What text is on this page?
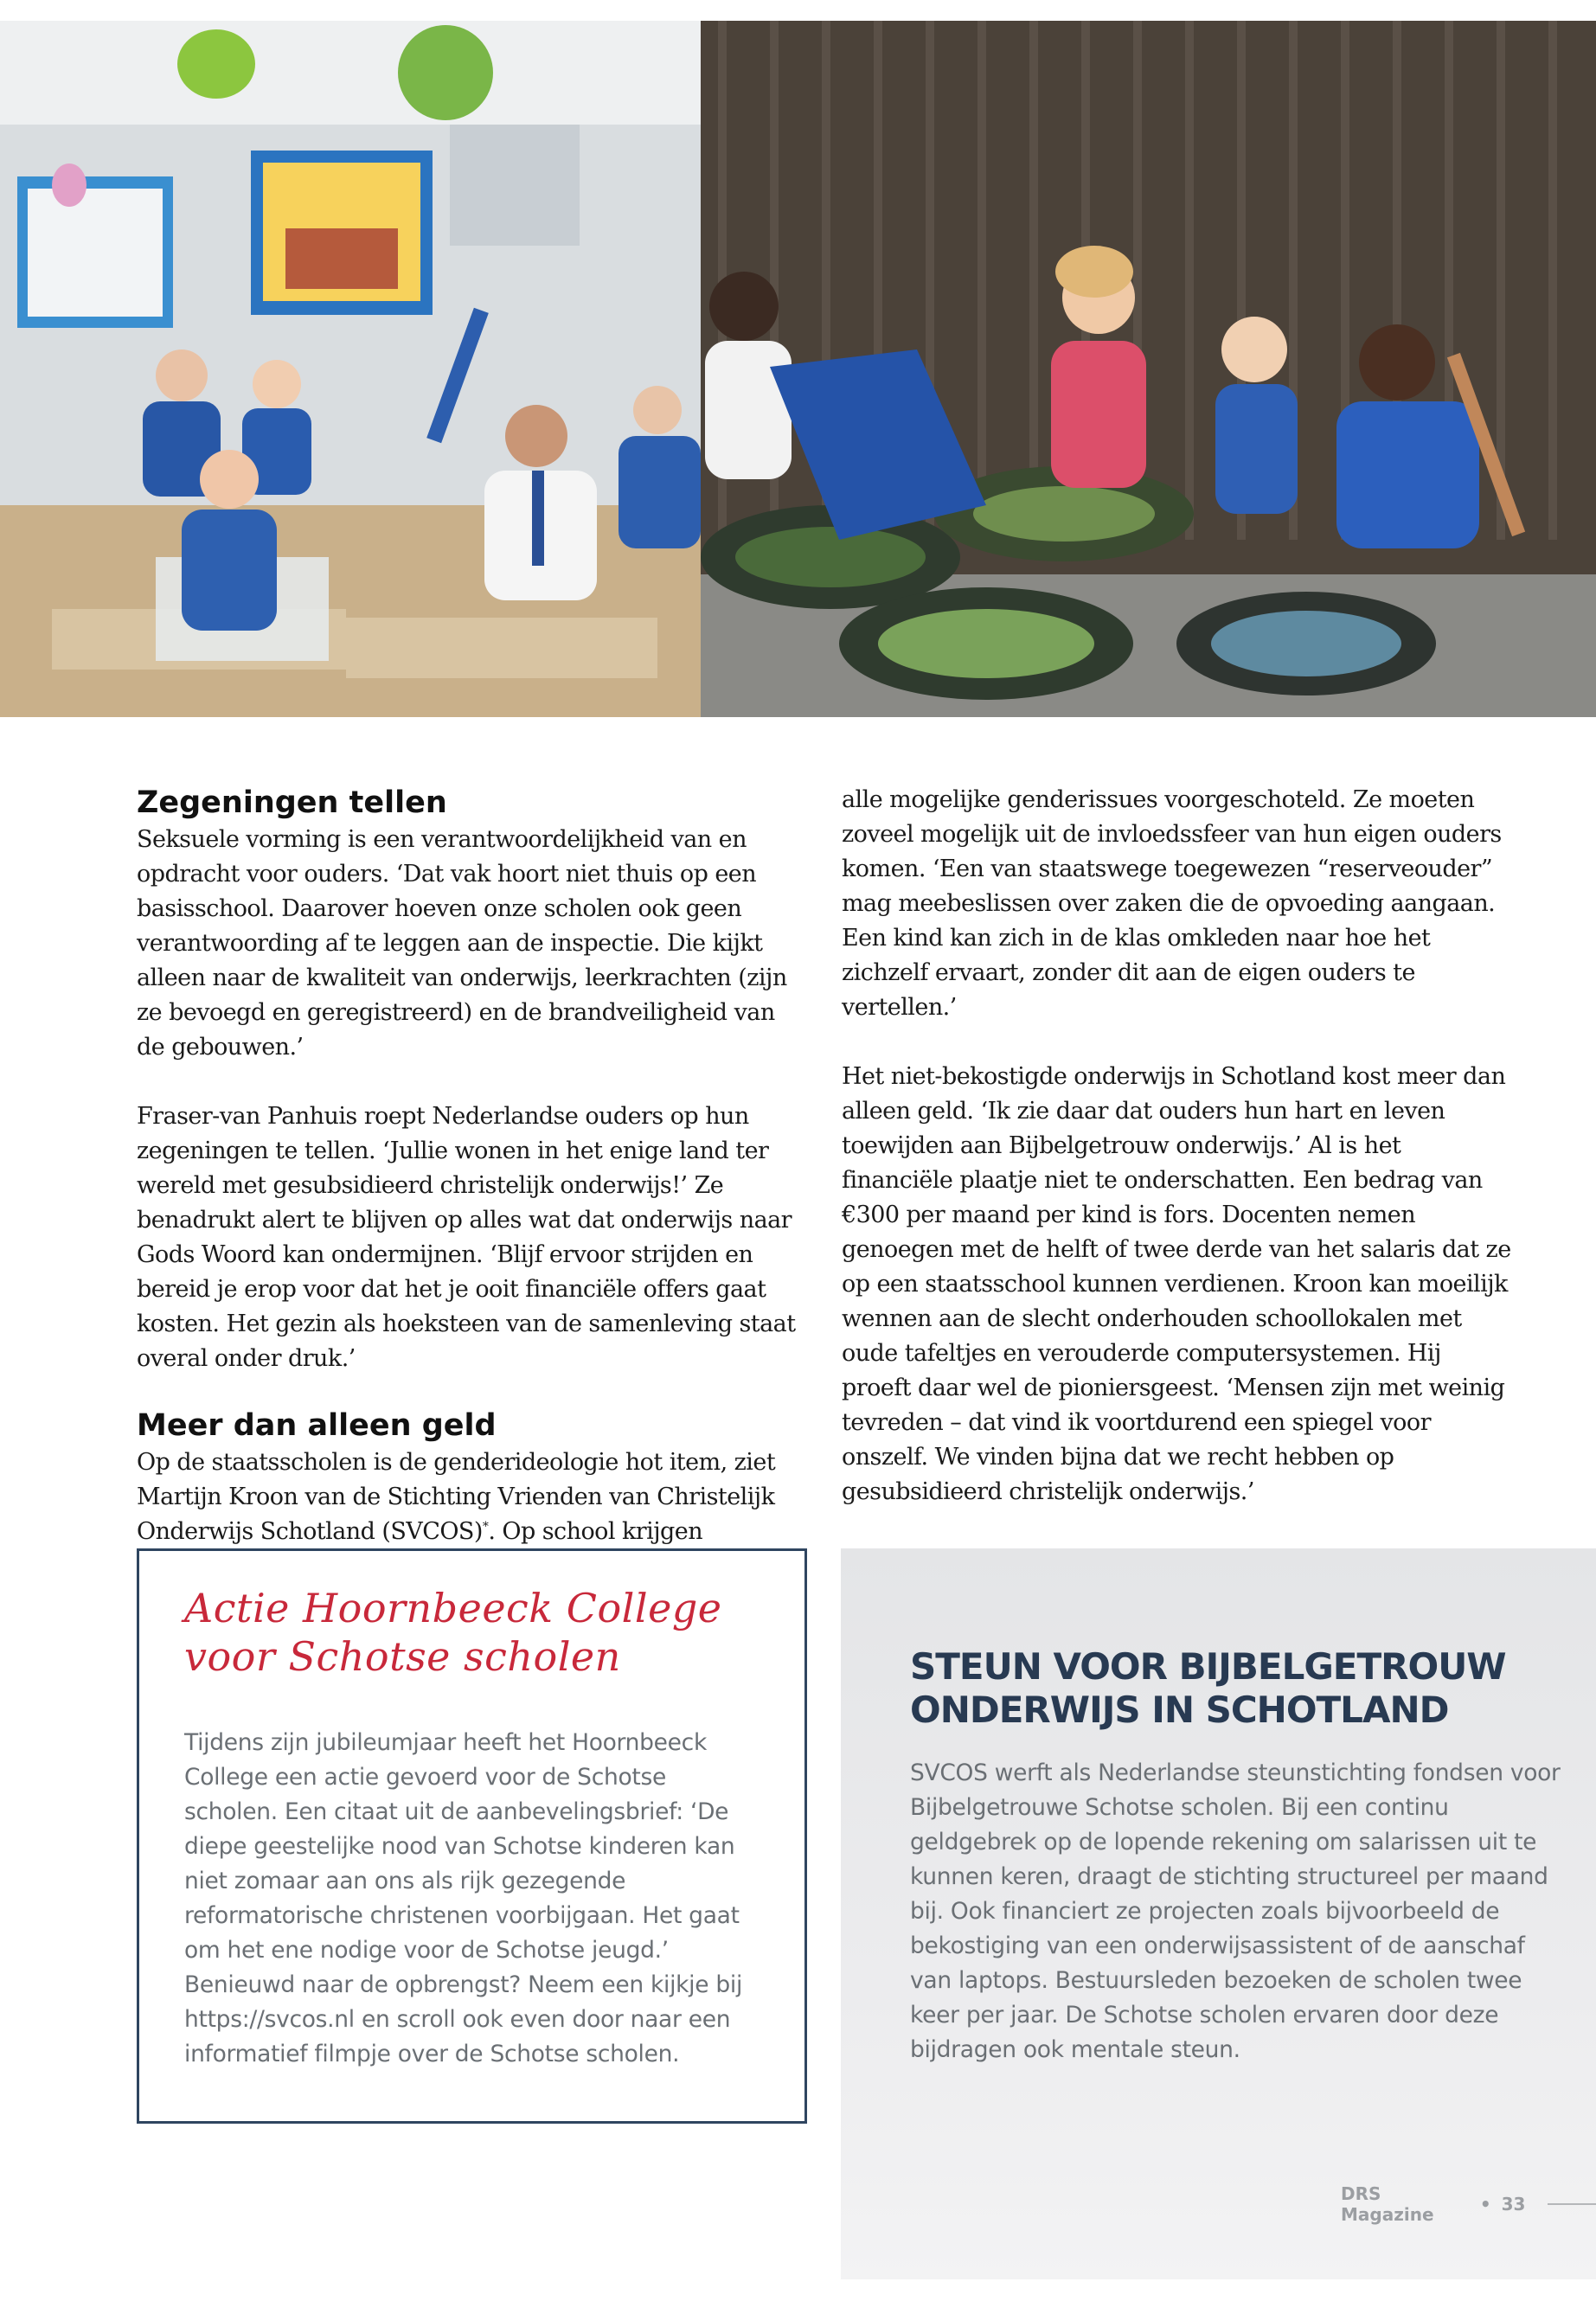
Zegeningen tellen

Seksuele vorming is een verantwoordelijkheid van en opdracht voor ouders. ‘Dat vak hoort niet thuis op een basisschool. Daarover hoeven onze scholen ook geen verantwoording af te leggen aan de inspectie. Die kijkt alleen naar de kwaliteit van onderwijs, leerkrachten (zijn ze bevoegd en geregistreerd) en de brandveiligheid van de gebouwen.’

Fraser-van Panhuis roept Nederlandse ouders op hun zegeningen te tellen. ‘Jullie wonen in het enige land ter wereld met gesubsidieerd christelijk onderwijs!’ Ze benadrukt alert te blijven op alles wat dat onderwijs naar Gods Woord kan ondermijnen. ‘Blijf ervoor strijden en bereid je erop voor dat het je ooit financiële offers gaat kosten. Het gezin als hoeksteen van de samenleving staat overal onder druk.’

Meer dan alleen geld

Op de staatsscholen is de genderideologie hot item, ziet Martijn Kroon van de Stichting Vrienden van Christelijk Onderwijs Schotland (SVCOS)*. Op school krijgen

alle mogelijke genderissues voorgeschoteld. Ze moeten zoveel mogelijk uit de invloedssfeer van hun eigen ouders komen. ‘Een van staatswege toegewezen “reserveouder” mag meebeslissen over zaken die de opvoeding aangaan. Een kind kan zich in de klas omkleden naar hoe het zichzelf ervaart, zonder dit aan de eigen ouders te vertellen.’

Het niet-bekostigde onderwijs in Schotland kost meer dan alleen geld. ‘Ik zie daar dat ouders hun hart en leven toewijden aan Bijbelgetrouw onderwijs.’ Al is het financiële plaatje niet te onderschatten. Een bedrag van €300 per maand per kind is fors. Docenten nemen genoegen met de helft of twee derde van het salaris dat ze op een staatsschool kunnen verdienen. Kroon kan moeilijk wennen aan de slecht onderhouden schoollokalen met oude tafeltjes en verouderde computersystemen. Hij proeft daar wel de pioniersgeest. ‘Mensen zijn met weinig tevreden – dat vind ik voortdurend een spiegel voor onszelf. We vinden bijna dat we recht hebben op gesubsidieerd christelijk onderwijs.’

Actie Hoornbeeck College
voor Schotse scholen

Tijdens zijn jubileumjaar heeft het Hoornbeeck College een actie gevoerd voor de Schotse scholen. Een citaat uit de aanbevelingsbrief: ‘De diepe geestelijke nood van Schotse kinderen kan niet zomaar aan ons als rijk gezegende reformatorische christenen voorbijgaan. Het gaat om het ene nodige voor de Schotse jeugd.’ Benieuwd naar de opbrengst? Neem een kijkje bij https://svcos.nl en scroll ook even door naar een informatief filmpje over de Schotse scholen.

STEUN VOOR BIJBELGETROUW
ONDERWIJS IN SCHOTLAND

SVCOS werft als Nederlandse steunstichting fondsen voor Bijbelgetrouwe Schotse scholen. Bij een continu geldgebrek op de lopende rekening om salarissen uit te kunnen keren, draagt de stichting structureel per maand bij. Ook financiert ze projecten zoals bijvoorbeeld de bekostiging van een onderwijsassistent of de aanschaf van laptops. Bestuursleden bezoeken de scholen twee keer per jaar. De Schotse scholen ervaren door deze bijdragen ook mentale steun.

DRS Magazine	• 33
